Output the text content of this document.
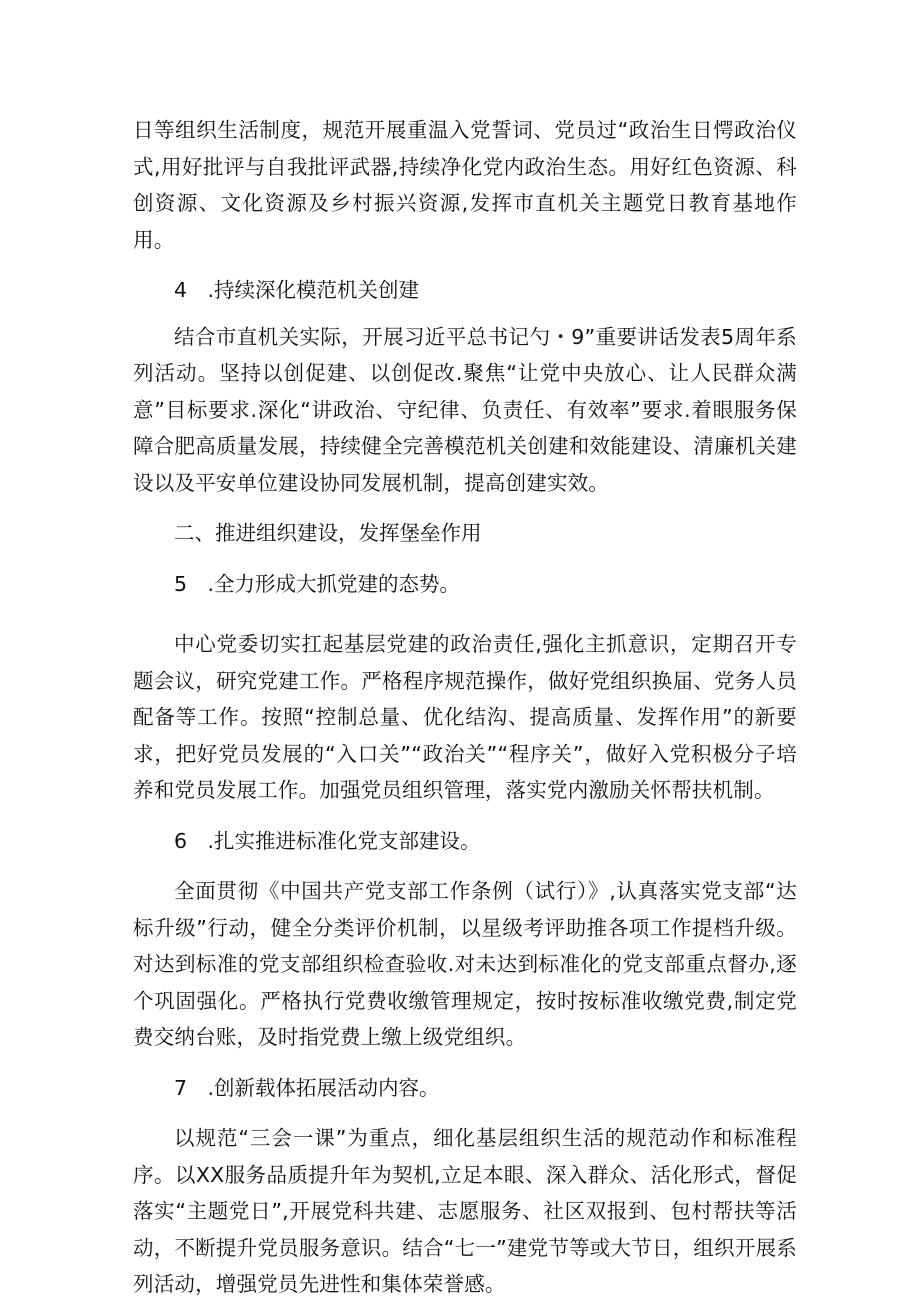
日等组织生活制度，规范开展重温入党誓词、党员过“政治生日愕政治仪式,用好批评与自我批评武器,持续净化党内政治生态。用好红色资源、科创资源、文化资源及乡村振兴资源,发挥市直机关主题党日教育基地作用。

4　.持续深化模范机关创建

结合市直机关实际，开展习近平总书记勺・9”重要讲话发表5周年系列活动。坚持以创促建、以创促改.聚焦“让党中央放心、让人民群众满意”目标要求.深化“讲政治、守纪律、负责任、有效率”要求.着眼服务保障合肥高质量发展，持续健全完善模范机关创建和效能建设、清廉机关建设以及平安单位建设协同发展机制，提高创建实效。

二、推进组织建设，发挥堡垒作用

5　.全力形成大抓党建的态势。

中心党委切实扛起基层党建的政治责任,强化主抓意识，定期召开专题会议，研究党建工作。严格程序规范操作，做好党组织换届、党务人员配备等工作。按照“控制总量、优化结沟、提高质量、发挥作用”的新要求，把好党员发展的“入口关”“政治关”“程序关”，做好入党积极分子培养和党员发展工作。加强党员组织管理，落实党内激励关怀帮扶机制。

6　.扎实推进标准化党支部建设。

全面贯彻《中国共产党支部工作条例（试行）》,认真落实党支部“达标升级”行动，健全分类评价机制，以星级考评助推各项工作提档升级。对达到标准的党支部组织检查验收.对未达到标准化的党支部重点督办,逐个巩固强化。严格执行党费收缴管理规定，按时按标准收缴党费,制定党费交纳台账，及时指党费上缴上级党组织。

7　.创新载体拓展活动内容。

以规范“三会一课”为重点，细化基层组织生活的规范动作和标准程序。以XX服务品质提升年为契机,立足本眼、深入群众、活化形式，督促落实“主题党日”,开展党科共建、志愿服务、社区双报到、包村帮扶等活动，不断提升党员服务意识。结合“七一”建党节等或大节日，组织开展系列活动，增强党员先进性和集体荣誉感。
